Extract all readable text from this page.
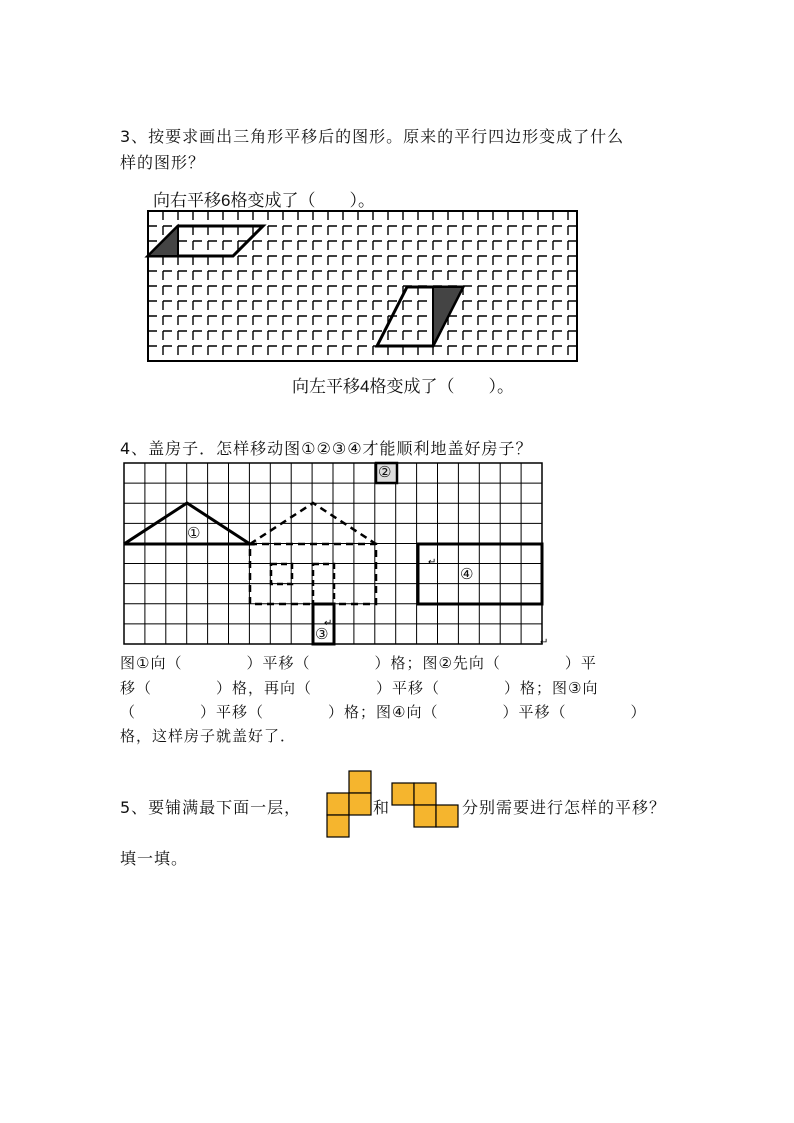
3、按要求画出三角形平移后的图形。原来的平行四边形变成了什么
样的图形？
向右平移6格变成了（　　）。
向左平移4格变成了（　　）。
4、盖房子．怎样移动图①②③④才能顺利地盖好房子？
↵
↵
↵
①
②
③
④
图①向（　　　　）平移（　　　　）格；图②先向（　　　　）平
移（　　　　）格，再向（　　　　）平移（　　　　）格；图③向
（　　　　）平移（　　　　）格；图④向（　　　　）平移（　　　　）
格，这样房子就盖好了．
5、要铺满最下面一层，	和	分别需要进行怎样的平移？
填一填。
